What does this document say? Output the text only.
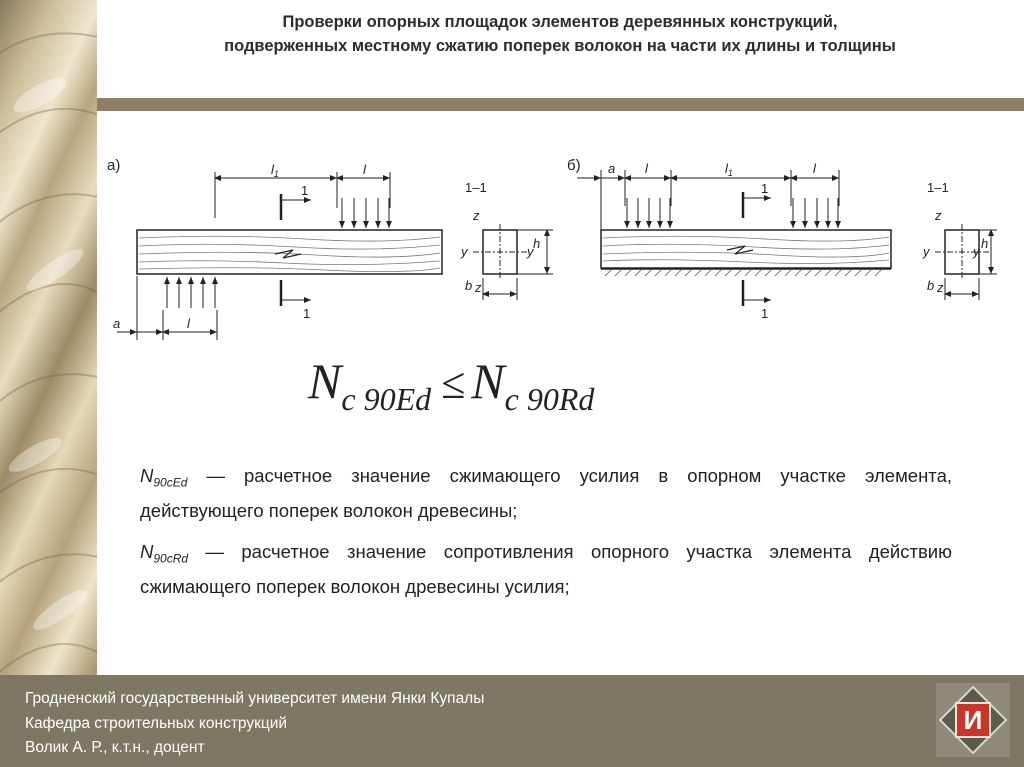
Проверки опорных площадок элементов деревянных конструкций,
подверженных местному сжатию поперек волокон на части их длины и толщины
а)	$l_1$	l
1
1
a	l
1–1
z
y	y
z
h
b
б) a l	$l_1$	l
1
1
1–1
z
y	y
z
h
b
Nc 90Ed ≤ Nc 90Rd
$N_{90cEd}$ — расчетное значение сжимающего усилия в опорном участке элемента, действующего поперек волокон древесины;
$N_{90cRd}$ — расчетное значение сопротивления опорного участка элемента действию сжимающего поперек волокон древесины усилия;
Гродненский государственный университет имени Янки Купалы
Кафедра строительных конструкций
Волик А. Р., к.т.н., доцент
И
